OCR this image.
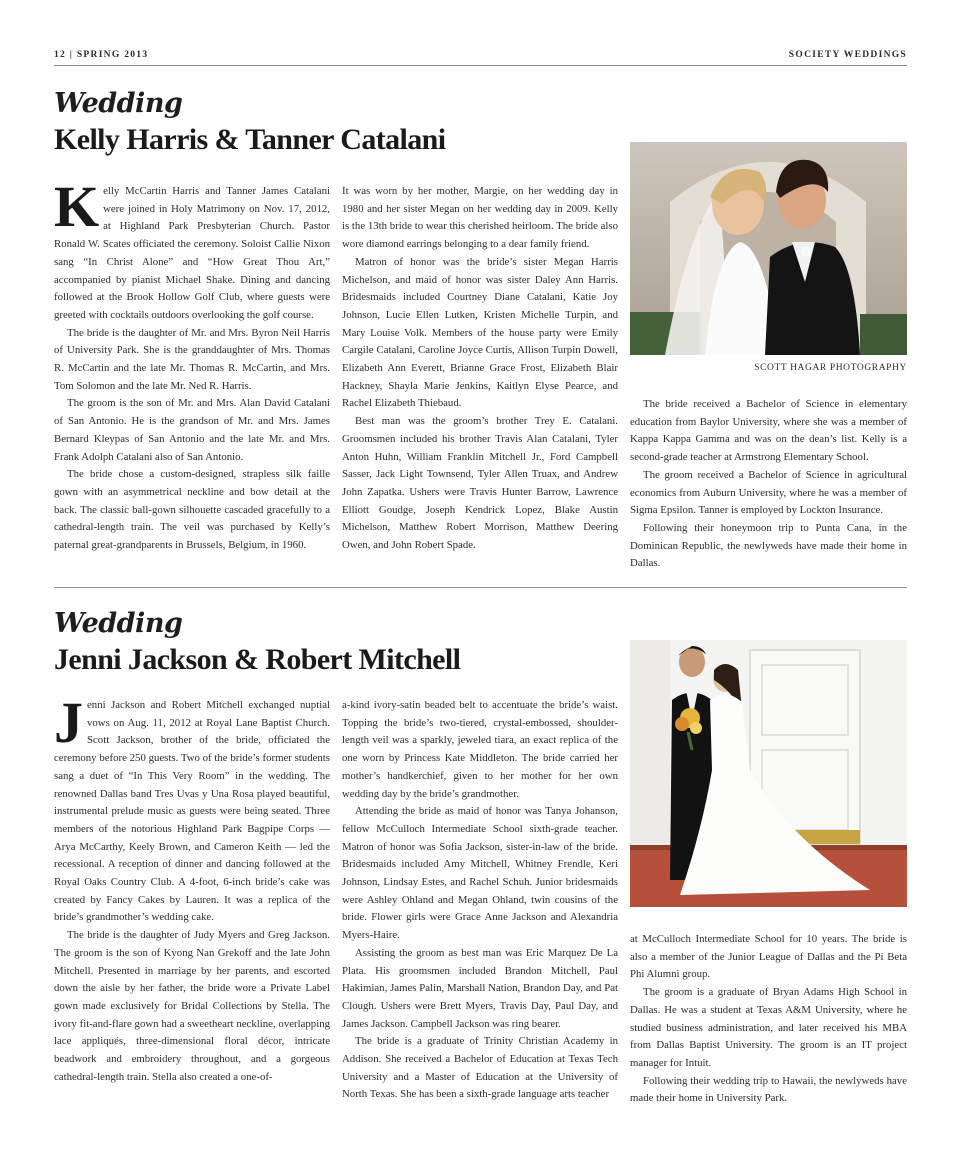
12 | SPRING 2013	SOCIETY WEDDINGS
Wedding
Kelly Harris & Tanner Catalani

Kelly McCartin Harris and Tanner James Catalani were joined in Holy Matrimony on Nov. 17, 2012, at Highland Park Presbyterian Church. Pastor Ronald W. Scates officiated the ceremony. Soloist Callie Nixon sang “In Christ Alone” and “How Great Thou Art,” accompanied by pianist Michael Shake. Dining and dancing followed at the Brook Hollow Golf Club, where guests were greeted with cocktails outdoors overlooking the golf course.

The bride is the daughter of Mr. and Mrs. Byron Neil Harris of University Park. She is the granddaughter of Mrs. Thomas R. McCartin and the late Mr. Thomas R. McCartin, and Mrs. Tom Solomon and the late Mr. Ned R. Harris.

The groom is the son of Mr. and Mrs. Alan David Catalani of San Antonio. He is the grandson of Mr. and Mrs. James Bernard Kleypas of San Antonio and the late Mr. and Mrs. Frank Adolph Catalani also of San Antonio.

The bride chose a custom-designed, strapless silk faille gown with an asymmetrical neckline and bow detail at the back. The classic ball-gown silhouette cascaded gracefully to a cathedral-length train. The veil was purchased by Kelly’s paternal great-grandparents in Brussels, Belgium, in 1960.

It was worn by her mother, Margie, on her wedding day in 1980 and her sister Megan on her wedding day in 2009. Kelly is the 13th bride to wear this cherished heirloom. The bride also wore diamond earrings belonging to a dear family friend.

Matron of honor was the bride’s sister Megan Harris Michelson, and maid of honor was sister Daley Ann Harris. Bridesmaids included Courtney Diane Catalani, Katie Joy Johnson, Lucie Ellen Lutken, Kristen Michelle Turpin, and Mary Louise Volk. Members of the house party were Emily Cargile Catalani, Caroline Joyce Curtis, Allison Turpin Dowell, Elizabeth Ann Everett, Brianne Grace Frost, Elizabeth Blair Hackney, Shayla Marie Jenkins, Kaitlyn Elyse Pearce, and Rachel Elizabeth Thiebaud.

Best man was the groom’s brother Trey E. Catalani. Groomsmen included his brother Travis Alan Catalani, Tyler Anton Huhn, William Franklin Mitchell Jr., Ford Campbell Sasser, Jack Light Townsend, Tyler Allen Truax, and Andrew John Zapatka. Ushers were Travis Hunter Barrow, Lawrence Elliott Goudge, Joseph Kendrick Lopez, Blake Austin Michelson, Matthew Robert Morrison, Matthew Deering Owen, and John Robert Spade.

SCOTT HAGAR PHOTOGRAPHY

The bride received a Bachelor of Science in elementary education from Baylor University, where she was a member of Kappa Kappa Gamma and was on the dean’s list. Kelly is a second-grade teacher at Armstrong Elementary School.

The groom received a Bachelor of Science in agricultural economics from Auburn University, where he was a member of Sigma Epsilon. Tanner is employed by Lockton Insurance.

Following their honeymoon trip to Punta Cana, in the Dominican Republic, the newlyweds have made their home in Dallas.

Wedding
Jenni Jackson & Robert Mitchell

Jenni Jackson and Robert Mitchell exchanged nuptial vows on Aug. 11, 2012 at Royal Lane Baptist Church. Scott Jackson, brother of the bride, officiated the ceremony before 250 guests. Two of the bride’s former students sang a duet of “In This Very Room” in the wedding. The renowned Dallas band Tres Uvas y Una Rosa played beautiful, instrumental prelude music as guests were being seated. Three members of the notorious Highland Park Bagpipe Corps — Arya McCarthy, Keely Brown, and Cameron Keith — led the recessional. A reception of dinner and dancing followed at the Royal Oaks Country Club. A 4-foot, 6-inch bride’s cake was created by Fancy Cakes by Lauren. It was a replica of the bride’s grandmother’s wedding cake.

The bride is the daughter of Judy Myers and Greg Jackson. The groom is the son of Kyong Nan Grekoff and the late John Mitchell. Presented in marriage by her parents, and escorted down the aisle by her father, the bride wore a Private Label gown made exclusively for Bridal Collections by Stella. The ivory fit-and-flare gown had a sweetheart neckline, overlapping lace appliqués, three-dimensional floral décor, intricate beadwork and embroidery throughout, and a gorgeous cathedral-length train. Stella also created a one-of-

a-kind ivory-satin beaded belt to accentuate the bride’s waist. Topping the bride’s two-tiered, crystal-embossed, shoulder-length veil was a sparkly, jeweled tiara, an exact replica of the one worn by Princess Kate Middleton. The bride carried her mother’s handkerchief, given to her mother for her own wedding day by the bride’s grandmother.

Attending the bride as maid of honor was Tanya Johanson, fellow McCulloch Intermediate School sixth-grade teacher. Matron of honor was Sofia Jackson, sister-in-law of the bride. Bridesmaids included Amy Mitchell, Whitney Frendle, Keri Johnson, Lindsay Estes, and Rachel Schuh. Junior bridesmaids were Ashley Ohland and Megan Ohland, twin cousins of the bride. Flower girls were Grace Anne Jackson and Alexandria Myers-Haire.

Assisting the groom as best man was Eric Marquez De La Plata. His groomsmen included Brandon Mitchell, Paul Hakimian, James Palin, Marshall Nation, Brandon Day, and Pat Clough. Ushers were Brett Myers, Travis Day, Paul Day, and James Jackson. Campbell Jackson was ring bearer.

The bride is a graduate of Trinity Christian Academy in Addison. She received a Bachelor of Education at Texas Tech University and a Master of Education at the University of North Texas. She has been a sixth-grade language arts teacher

at McCulloch Intermediate School for 10 years. The bride is also a member of the Junior League of Dallas and the Pi Beta Phi Alumni group.

The groom is a graduate of Bryan Adams High School in Dallas. He was a student at Texas A&M University, where he studied business administration, and later received his MBA from Dallas Baptist University. The groom is an IT project manager for Intuit.

Following their wedding trip to Hawaii, the newlyweds have made their home in University Park.
